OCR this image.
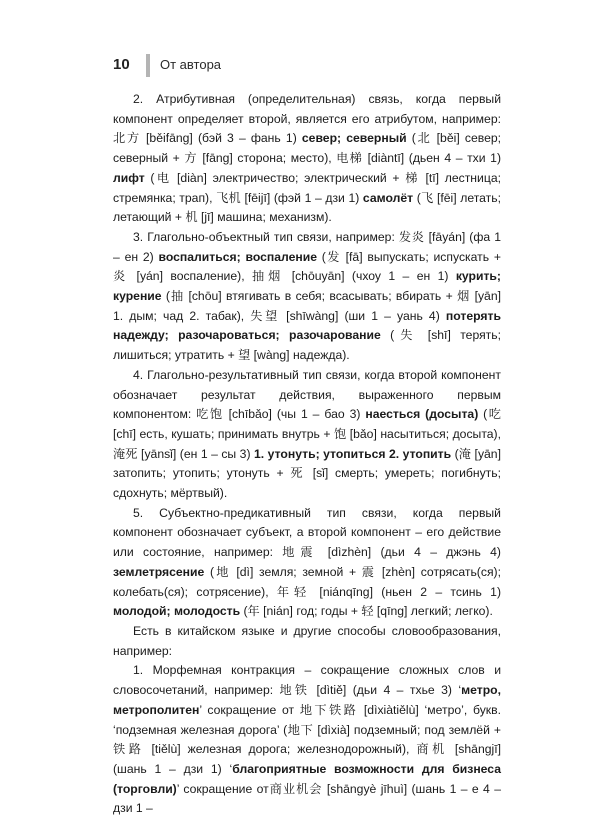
10 От автора

2. Атрибутивная (определительная) связь, когда первый компонент определяет второй, является его атрибутом, например: 北方 [běifāng] (бэй 3 – фань 1) север; северный (北 [běi] север; северный + 方 [fāng] сторона; место), 电梯 [diàntī] (дьен 4 – тхи 1) лифт (电 [diàn] электричество; электрический + 梯 [tī] лестница; стремянка; трап), 飞机 [fēijī] (фэй 1 – дзи 1) самолёт (飞 [fēi] летать; летающий + 机 [jī] машина; механизм).

3. Глагольно-объектный тип связи, например: 发炎 [fāyán] (фа 1 – ен 2) воспалиться; воспаление (发 [fā] выпускать; испускать + 炎 [yán] воспаление), 抽烟 [chōuyān] (чхоу 1 – ен 1) курить; курение (抽 [chōu] втягивать в себя; всасывать; вбирать + 烟 [yān] 1. дым; чад 2. табак), 失望 [shīwàng] (ши 1 – уань 4) потерять надежду; разочароваться; разочарование (失 [shī] терять; лишиться; утратить + 望 [wàng] надежда).

4. Глагольно-результативный тип связи, когда второй компонент обозначает результат действия, выраженного первым компонентом: 吃饱 [chībǎo] (чы 1 – бао 3) наесться (досыта) (吃 [chī] есть, кушать; принимать внутрь + 饱 [bǎo] насытиться; досыта), 淹死 [yānsǐ] (ен 1 – сы 3) 1. утонуть; утопиться 2. утопить (淹 [yān] затопить; утопить; утонуть + 死 [sǐ] смерть; умереть; погибнуть; сдохнуть; мёртвый).

5. Субъектно-предикативный тип связи, когда первый компонент обозначает субъект, а второй компонент – его действие или состояние, например: 地震 [dìzhèn] (дьи 4 – джэнь 4) землетрясение (地 [dì] земля; земной + 震 [zhèn] сотрясать(ся); колебать(ся); сотрясение), 年轻 [niánqīng] (ньен 2 – тсинь 1) молодой; молодость (年 [nián] год; годы + 轻 [qīng] легкий; легко).

Есть в китайском языке и другие способы словообразования, например:

1. Морфемная контракция – сокращение сложных слов и словосочетаний, например: 地铁 [dìtiě] (дьи 4 – тхье 3) ‘метро, метрополитен’ сокращение от 地下铁路 [dìxiàtiělù] ‘метро’, букв. ‘подземная железная дорога’ (地下 [dìxià] подземный; под землёй + 铁路 [tiělù] железная дорога; железнодорожный), 商机 [shāngjī] (шань 1 – дзи 1) ‘благоприятные возможности для бизнеса (торговли)’ сокращение от商业机会 [shāngyè jīhuì] (шань 1 – е 4 – дзи 1 –
